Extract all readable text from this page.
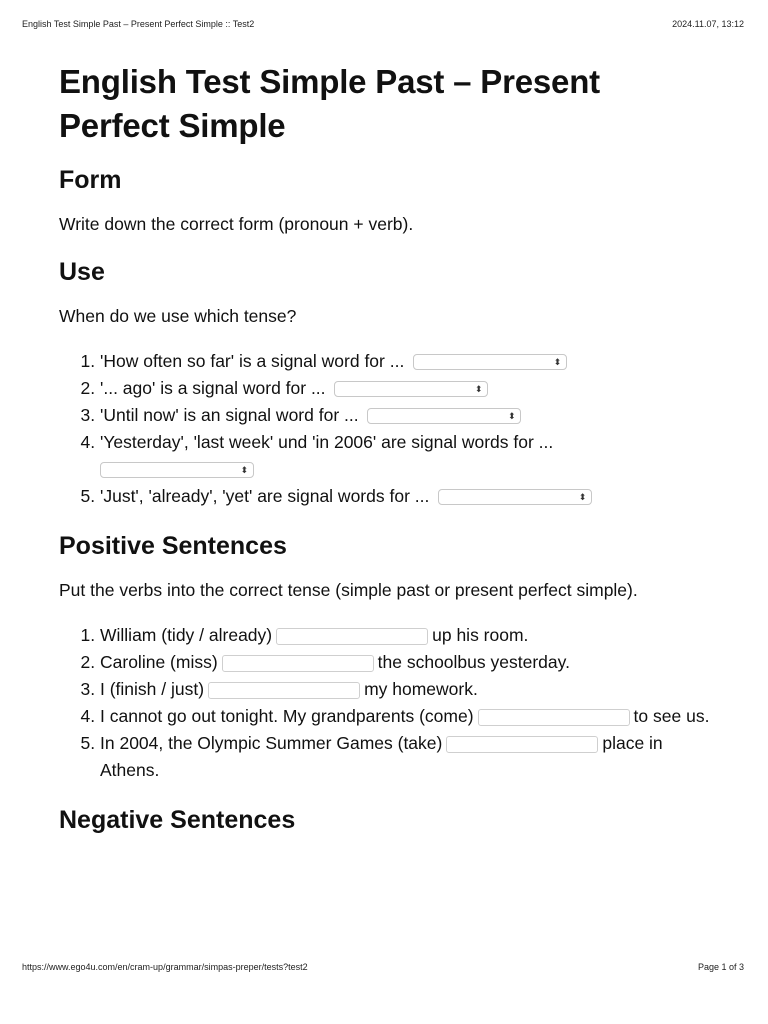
English Test Simple Past – Present Perfect Simple :: Test2	2024.11.07, 13:12
English Test Simple Past – Present Perfect Simple
Form

Write down the correct form (pronoun + verb).

Use

When do we use which tense?

1. 'How often so far' is a signal word for ...	⬍
2. '... ago' is a signal word for ...	⬍
3. 'Until now' is an signal word for ...	⬍
4. 'Yesterday', 'last week' und 'in 2006' are signal words for ...

⬍
5. 'Just', 'already', 'yet' are signal words for ...	⬍
Positive Sentences

Put the verbs into the correct tense (simple past or present perfect simple).

1. William (tidy / already)	up his room.
2. Caroline (miss)	the schoolbus yesterday.
3. I (finish / just)	my homework.
4. I cannot go out tonight. My grandparents (come)	to see us.
5. In 2004, the Olympic Summer Games (take)	place in Athens.
Negative Sentences
https://www.ego4u.com/en/cram-up/grammar/simpas-preper/tests?test2	Page 1 of 3
